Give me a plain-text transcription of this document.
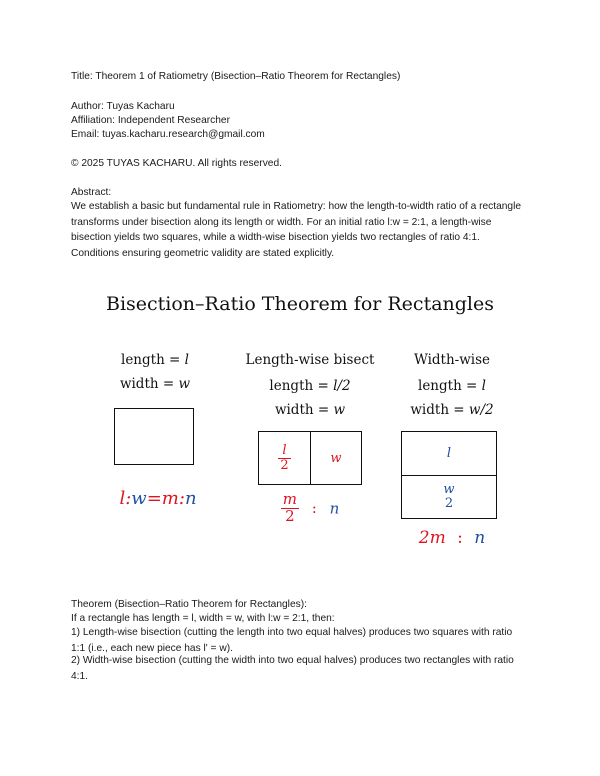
Title: Theorem 1 of Ratiometry (Bisection–Ratio Theorem for Rectangles)

Author: Tuyas Kacharu

Affiliation: Independent Researcher

Email: tuyas.kacharu.research@gmail.com

© 2025 TUYAS KACHARU. All rights reserved.

Abstract:

We establish a basic but fundamental rule in Ratiometry: how the length-to-width ratio of a rectangle transforms under bisection along its length or width. For an initial ratio l:w = 2:1, a length-wise bisection yields two squares, while a width-wise bisection yields two rectangles of ratio 4:1. Conditions ensuring geometric validity are stated explicitly.

Bisection–Ratio Theorem for Rectangles
length = l
width = w
l:w=m:n
Length-wise bisect
length = l/2
width = w
$\frac{l}{2}$	w
$\frac{m}{2}$ : n
Width-wise
length = l
width = w/2
l
w
2
2m : n

Theorem (Bisection–Ratio Theorem for Rectangles):

If a rectangle has length = l, width = w, with l:w = 2:1, then:

1) Length-wise bisection (cutting the length into two equal halves) produces two squares with ratio 1:1 (i.e., each new piece has l' = w).

2) Width-wise bisection (cutting the width into two equal halves) produces two rectangles with ratio 4:1.
